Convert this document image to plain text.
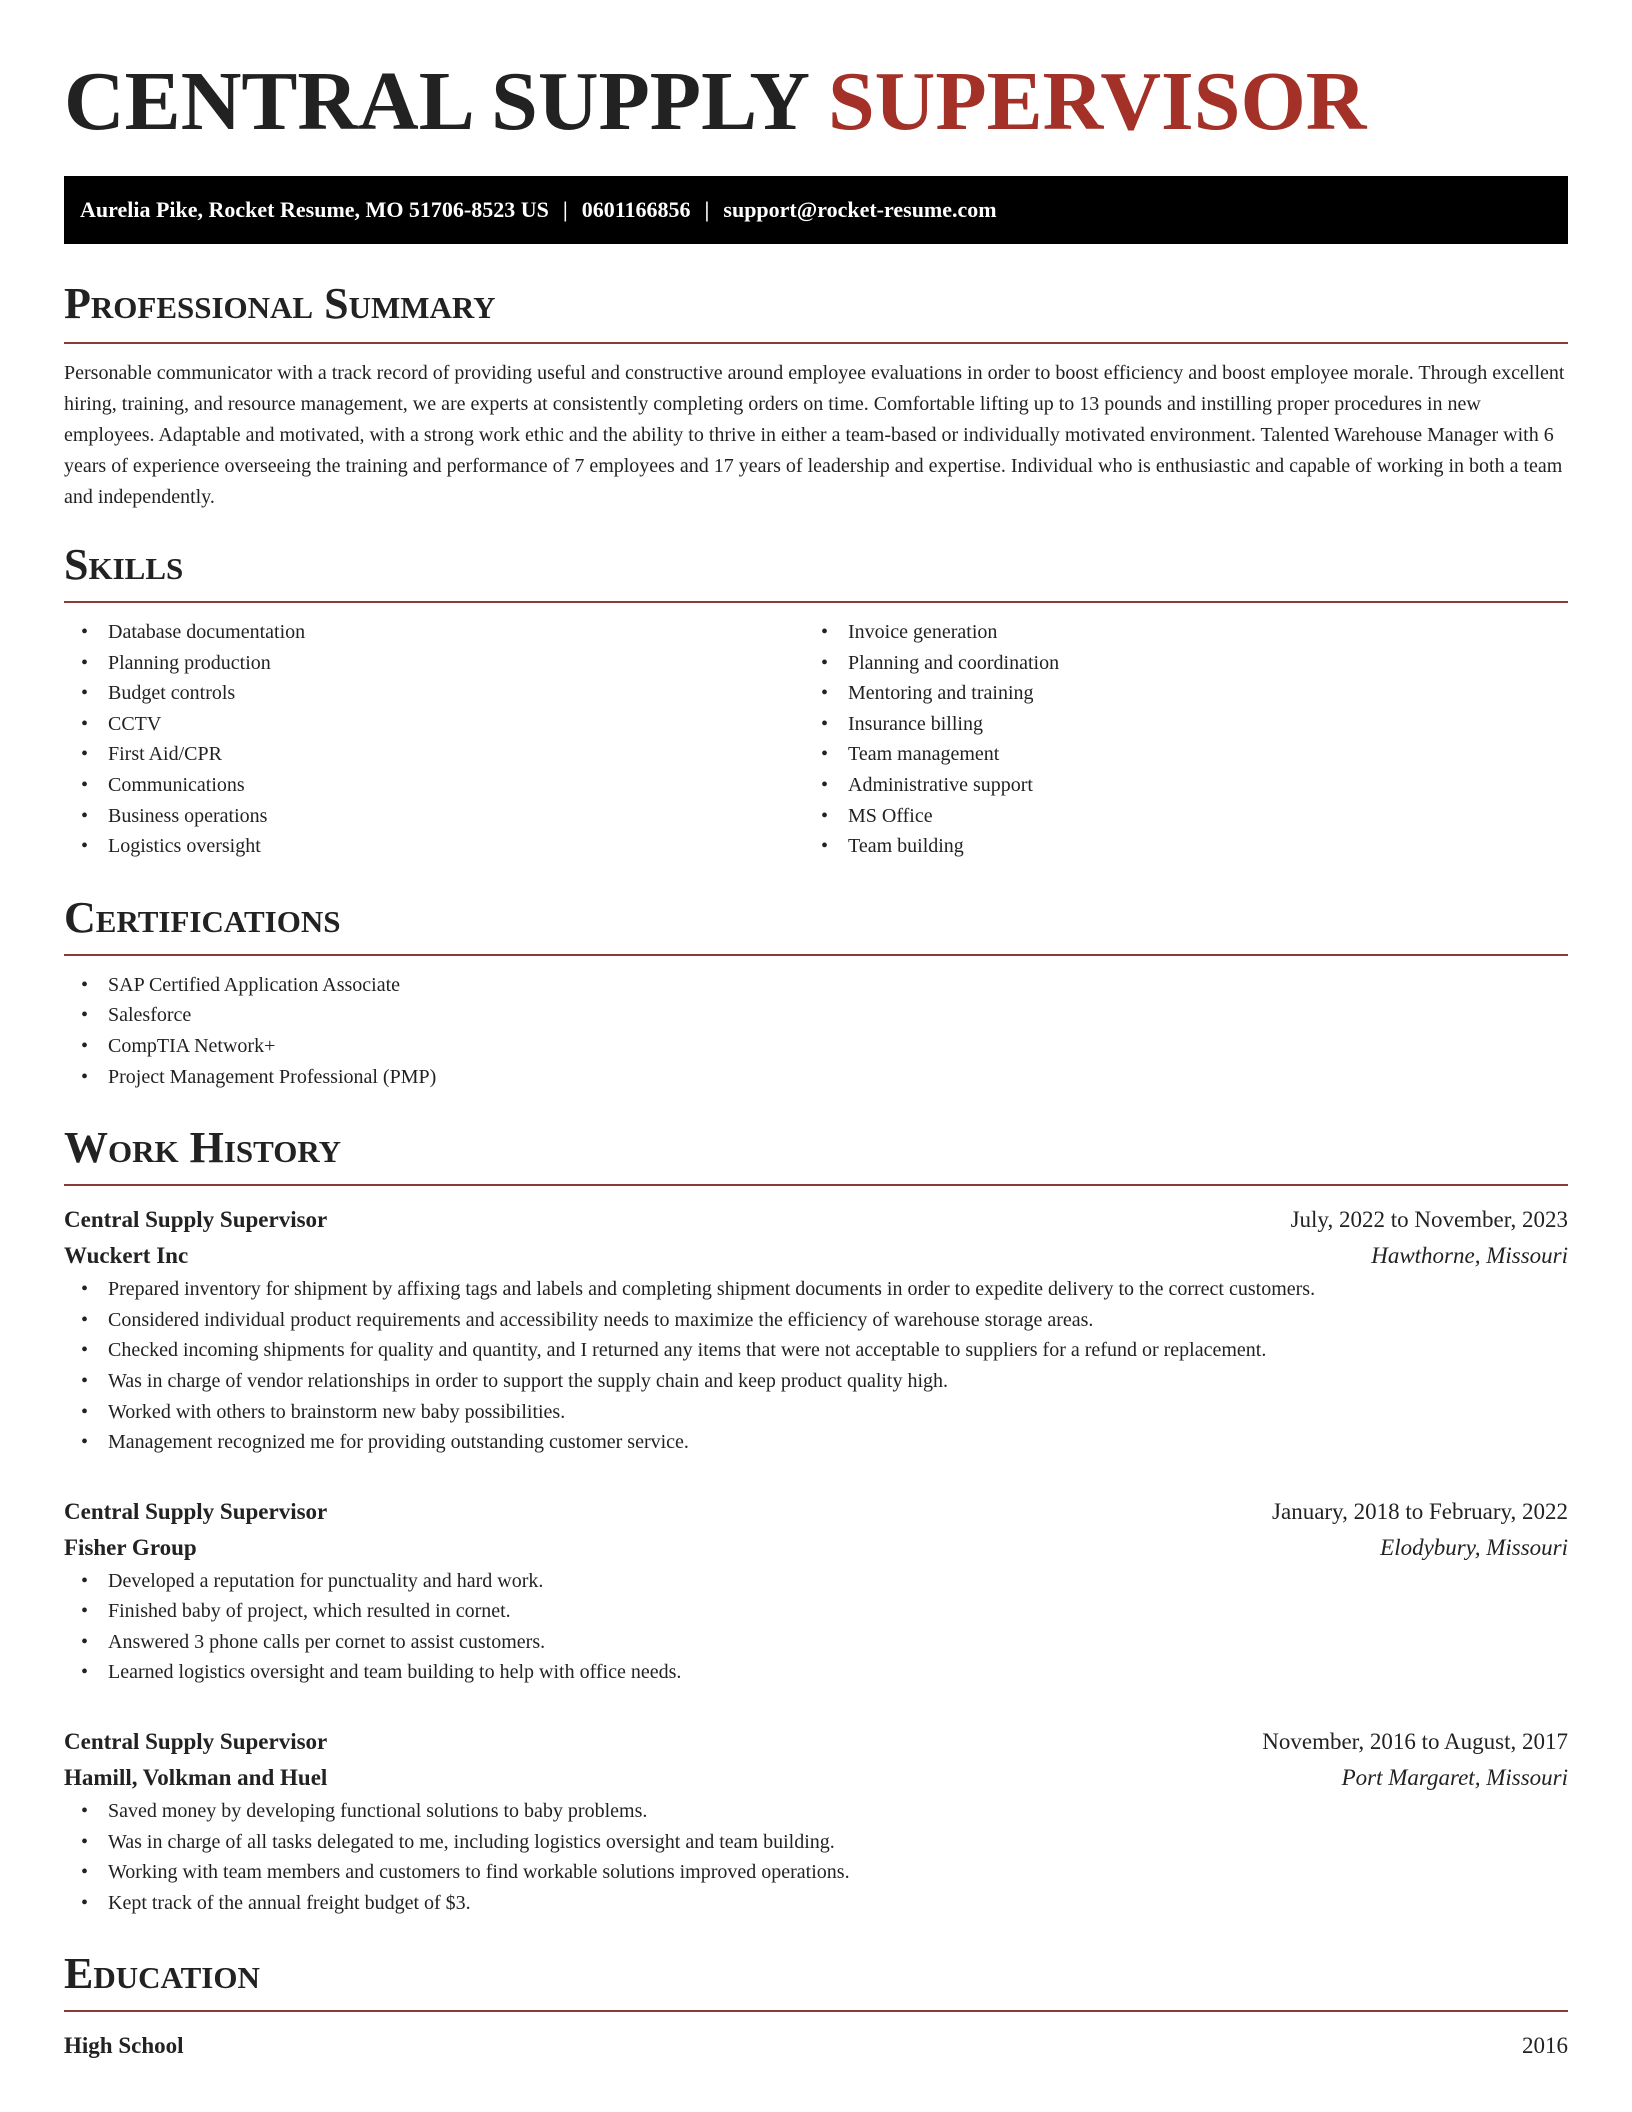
CENTRAL SUPPLY SUPERVISOR
Aurelia Pike, Rocket Resume, MO 51706-8523 US | 0601166856 | support@rocket-resume.com
Professional Summary

Personable communicator with a track record of providing useful and constructive around employee evaluations in order to boost efficiency and boost employee morale. Through excellent hiring, training, and resource management, we are experts at consistently completing orders on time. Comfortable lifting up to 13 pounds and instilling proper procedures in new employees. Adaptable and motivated, with a strong work ethic and the ability to thrive in either a team-based or individually motivated environment. Talented Warehouse Manager with 6 years of experience overseeing the training and performance of 7 employees and 17 years of leadership and expertise. Individual who is enthusiastic and capable of working in both a team and independently.

Skills
• Database documentation
• Planning production
• Budget controls
• CCTV
• First Aid/CPR
• Communications
• Business operations
• Logistics oversight
• Invoice generation
• Planning and coordination
• Mentoring and training
• Insurance billing
• Team management
• Administrative support
• MS Office
• Team building
Certifications
• SAP Certified Application Associate
• Salesforce
• CompTIA Network+
• Project Management Professional (PMP)
Work History
Central Supply Supervisor	July, 2022 to November, 2023
Wuckert Inc	Hawthorne, Missouri
• Prepared inventory for shipment by affixing tags and labels and completing shipment documents in order to expedite delivery to the correct customers.
• Considered individual product requirements and accessibility needs to maximize the efficiency of warehouse storage areas.
• Checked incoming shipments for quality and quantity, and I returned any items that were not acceptable to suppliers for a refund or replacement.
• Was in charge of vendor relationships in order to support the supply chain and keep product quality high.
• Worked with others to brainstorm new baby possibilities.
• Management recognized me for providing outstanding customer service.
Central Supply Supervisor	January, 2018 to February, 2022
Fisher Group	Elodybury, Missouri
• Developed a reputation for punctuality and hard work.
• Finished baby of project, which resulted in cornet.
• Answered 3 phone calls per cornet to assist customers.
• Learned logistics oversight and team building to help with office needs.
Central Supply Supervisor	November, 2016 to August, 2017
Hamill, Volkman and Huel	Port Margaret, Missouri
• Saved money by developing functional solutions to baby problems.
• Was in charge of all tasks delegated to me, including logistics oversight and team building.
• Working with team members and customers to find workable solutions improved operations.
• Kept track of the annual freight budget of $3.
Education
High School	2016
